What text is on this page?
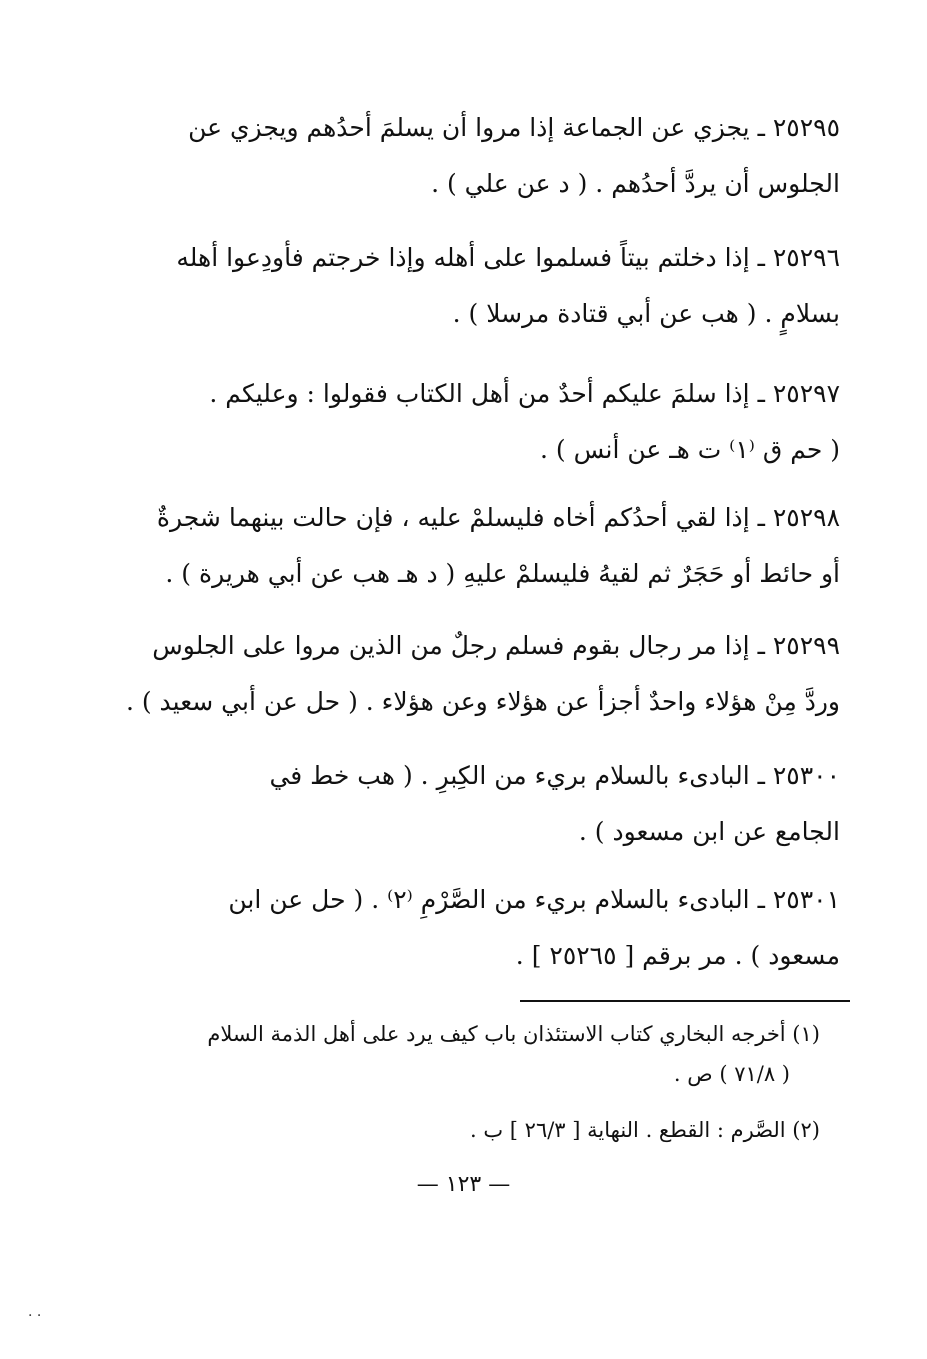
٢٥٢٩٥ ـ يجزي عن الجماعة إذا مروا أن يسلمَ أحدُهم ويجزي عن
الجلوس أن يردَّ أحدُهم . ( د عن علي ) .
٢٥٢٩٦ ـ إذا دخلتم بيتاً فسلموا على أهله وإذا خرجتم فأودِعوا أهله
بسلامٍ . ( هب عن أبي قتادة مرسلا ) .
٢٥٢٩٧ ـ إذا سلمَ عليكم أحدٌ من أهل الكتاب فقولوا : وعليكم .
( حم ق ⁽١⁾ ت هـ عن أنس ) .
٢٥٢٩٨ ـ إذا لقي أحدُكم أخاه فليسلمْ عليه ، فإن حالت بينهما شجرةٌ
أو حائط أو حَجَرٌ ثم لقيهُ فليسلمْ عليهِ ( د هـ هب عن أبي هريرة ) .
٢٥٢٩٩ ـ إذا مر رجال بقوم فسلم رجلٌ من الذين مروا على الجلوس
وردَّ مِنْ هؤلاء واحدٌ أجزأ عن هؤلاء وعن هؤلاء . ( حل عن أبي سعيد ) .
٢٥٣٠٠ ـ البادىء بالسلام بريء من الكِبرِ . ( هب خط في
الجامع عن ابن مسعود ) .
٢٥٣٠١ ـ البادىء بالسلام بريء من الصَّرْمِ ⁽٢⁾ . ( حل عن ابن
مسعود ) . مر برقم [ ٢٥٢٦٥ ] .
(١) أخرجه البخاري كتاب الاستئذان باب كيف يرد على أهل الذمة السلام
( ٧١/٨ ) ص .
(٢) الصَّرم : القطع . النهاية [ ٢٦/٣ ] ب .
— ١٢٣ —
· ·
